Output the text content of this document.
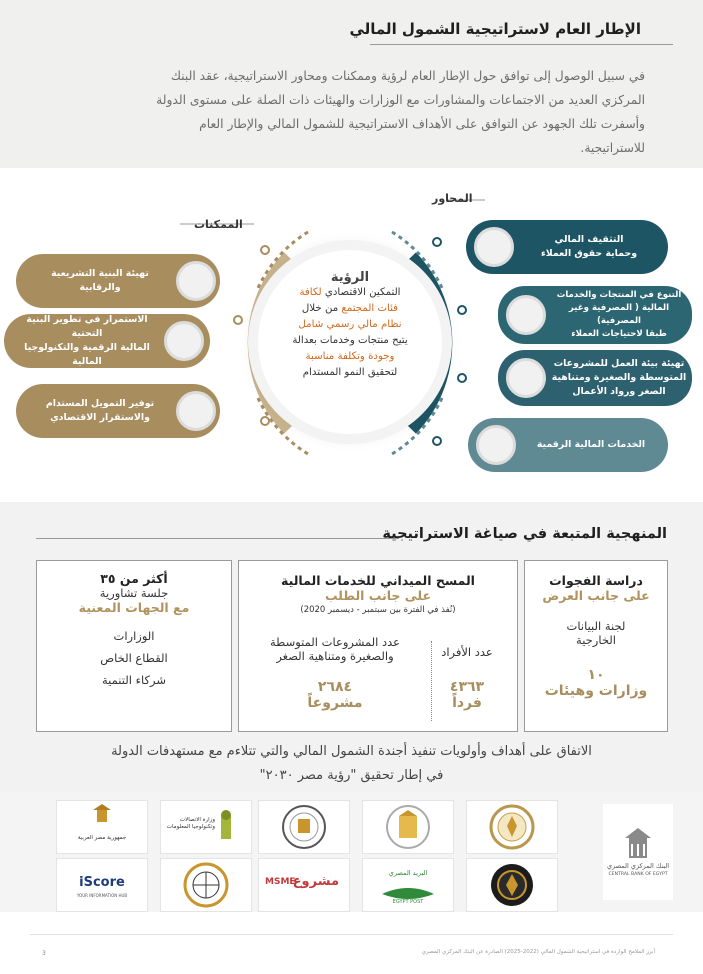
الإطار العام لاستراتيجية الشمول المالي
في سبيل الوصول إلى توافق حول الإطار العام لرؤية وممكنات ومحاور الاستراتيجية، عقد البنك
المركزي العديد من الاجتماعات والمشاورات مع الوزارات والهيئات ذات الصلة على مستوى الدولة
وأسفرت تلك الجهود عن التوافق على الأهداف الاستراتيجية للشمول المالي والإطار العام
للاستراتيجية.
المحاور
الممكنات
تهيئة البنية التشريعية
والرقابية
الاستمرار في تطوير البنية التحتية
المالية الرقمية والتكنولوجيا المالية
توفير التمويل المستدام
والاستقرار الاقتصادي
التثقيف المالي
وحماية حقوق العملاء
التنوع في المنتجات والخدمات
المالية ( المصرفية وغير المصرفية)
طبقا لاحتياجات العملاء
تهيئة بيئة العمل للمشروعات
المتوسطة والصغيرة ومتناهية
الصغر ورواد الأعمال
الخدمات المالية الرقمية
الرؤية
التمكين الاقتصادي لكافة
فئات المجتمع من خلال
نظام مالي رسمي شامل
يتيح منتجات وخدمات بعدالة
وجودة وتكلفة مناسبة
لتحقيق النمو المستدام
المنهجية المتبعة في صياغة الاستراتيجية
دراسة الفجوات
على جانب العرض
لجنة البيانات
الخارجية
١٠
وزارات وهيئات
المسح الميداني للخدمات المالية
على جانب الطلب
(نُفذ في الفترة بين سبتمبر - ديسمبر 2020)
عدد الأفراد
٤٣٦٣
فرداً
عدد المشروعات المتوسطة
والصغيرة ومتناهية الصغر
٢٦٨٤
مشروعاً
أكثر من ٣٥
جلسة تشاورية
مع الجهات المعنية
الوزارات
القطاع الخاص
شركاء التنمية
الاتفاق على أهداف وأولويات تنفيذ أجندة الشمول المالي والتي تتلاءم مع مستهدفات الدولة
في إطار تحقيق "رؤية مصر ٢٠٣٠"
البنك المركزي المصري
CENTRAL BANK OF EGYPT
وزارة الاتصالات وتكنولوجيا المعلومات
جمهورية مصر العربية
البريد المصري
EGYPT POST
MSME
مشروع
iScore
YOUR INFORMATION HUB
3	أبرز الملامح الواردة في استراتيجية الشمول المالي (2022-2025) الصادرة عن البنك المركزي المصري
